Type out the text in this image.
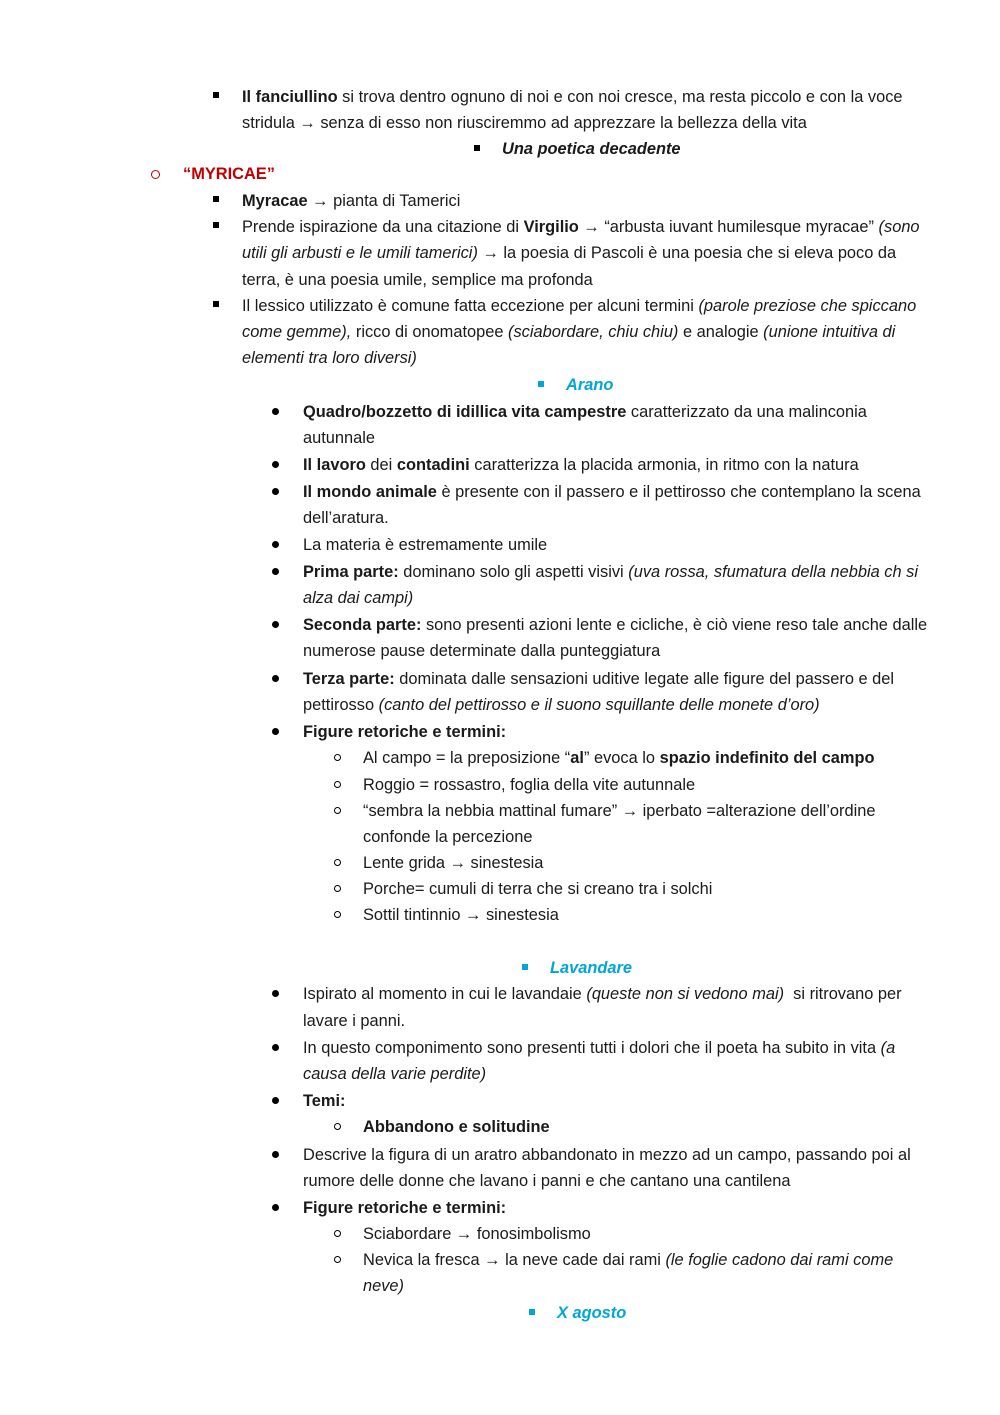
Il fanciullino si trova dentro ognuno di noi e con noi cresce, ma resta piccolo e con la voce
stridula → senza di esso non riusciremmo ad apprezzare la bellezza della vita
Una poetica decadente
“MYRICAE”
Myracae → pianta di Tamerici
Prende ispirazione da una citazione di Virgilio → “arbusta iuvant humilesque myracae” (sono
utili gli arbusti e le umili tamerici) → la poesia di Pascoli è una poesia che si eleva poco da
terra, è una poesia umile, semplice ma profonda
Il lessico utilizzato è comune fatta eccezione per alcuni termini (parole preziose che spiccano
come gemme), ricco di onomatopee (sciabordare, chiu chiu) e analogie (unione intuitiva di
elementi tra loro diversi)
Arano
Quadro/bozzetto di idillica vita campestre caratterizzato da una malinconia
autunnale
Il lavoro dei contadini caratterizza la placida armonia, in ritmo con la natura
Il mondo animale è presente con il passero e il pettirosso che contemplano la scena
dell’aratura.
La materia è estremamente umile
Prima parte: dominano solo gli aspetti visivi (uva rossa, sfumatura della nebbia ch si
alza dai campi)
Seconda parte: sono presenti azioni lente e cicliche, è ciò viene reso tale anche dalle
numerose pause determinate dalla punteggiatura
Terza parte: dominata dalle sensazioni uditive legate alle figure del passero e del
pettirosso (canto del pettirosso e il suono squillante delle monete d’oro)
Figure retoriche e termini:
Al campo = la preposizione “al” evoca lo spazio indefinito del campo
Roggio = rossastro, foglia della vite autunnale
“sembra la nebbia mattinal fumare” → iperbato =alterazione dell’ordine
confonde la percezione
Lente grida → sinestesia
Porche= cumuli di terra che si creano tra i solchi
Sottil tintinnio → sinestesia
Lavandare
Ispirato al momento in cui le lavandaie (queste non si vedono mai)  si ritrovano per
lavare i panni.
In questo componimento sono presenti tutti i dolori che il poeta ha subito in vita (a
causa della varie perdite)
Temi:
Abbandono e solitudine
Descrive la figura di un aratro abbandonato in mezzo ad un campo, passando poi al
rumore delle donne che lavano i panni e che cantano una cantilena
Figure retoriche e termini:
Sciabordare → fonosimbolismo
Nevica la fresca → la neve cade dai rami (le foglie cadono dai rami come
neve)
X agosto
